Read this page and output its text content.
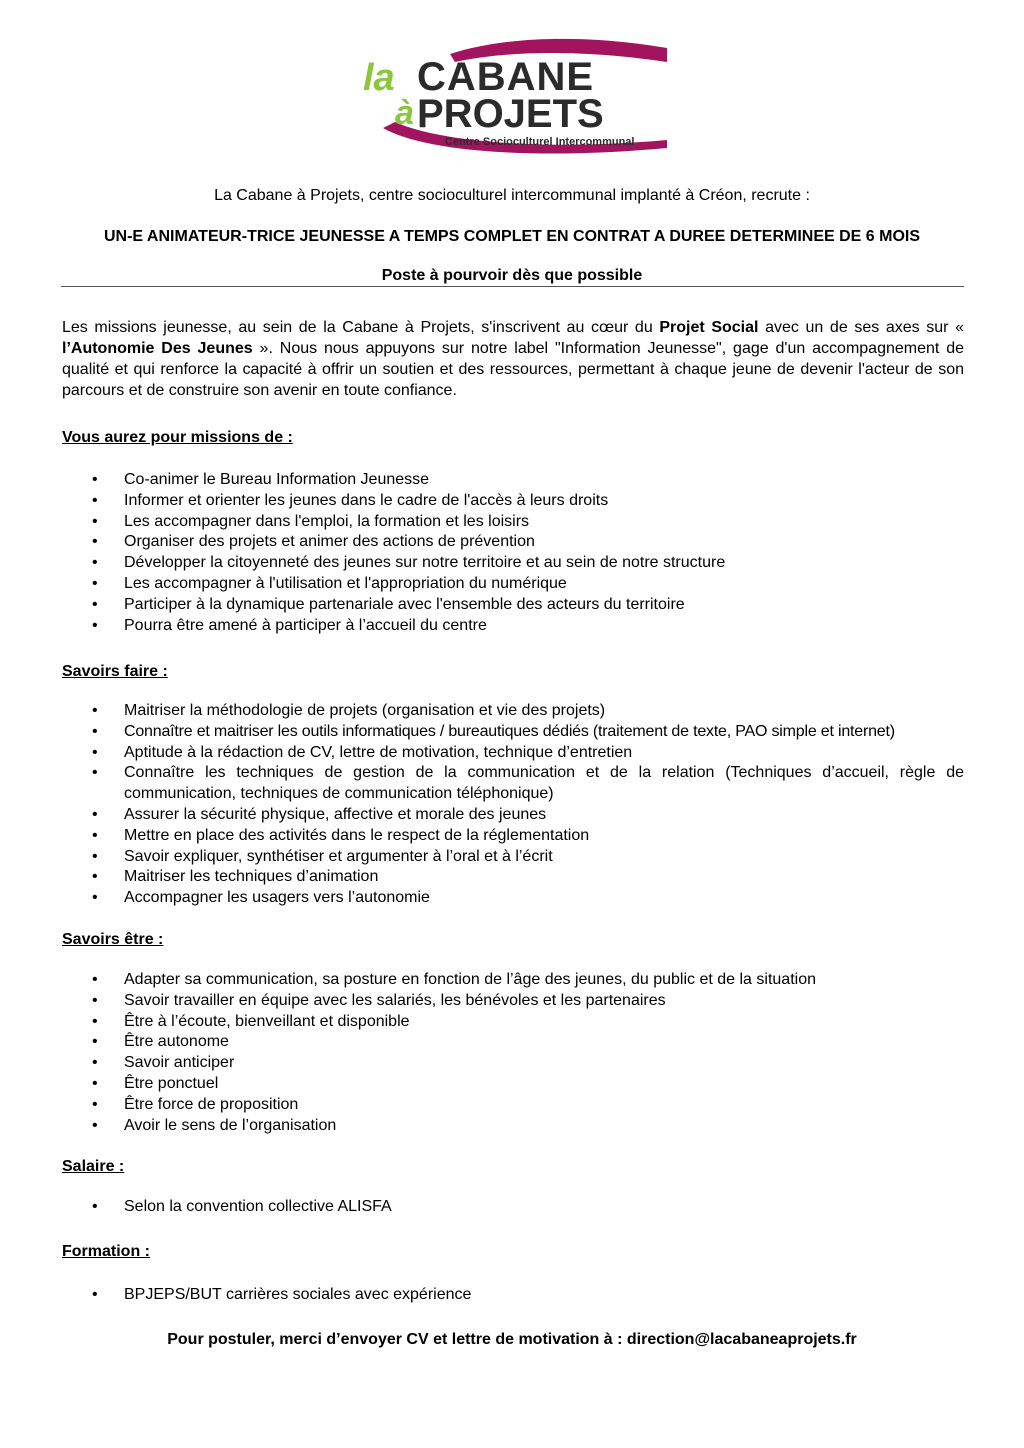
la CABANE
à PROJETS
Centre Socioculturel Intercommunal
La Cabane à Projets, centre socioculturel intercommunal implanté à Créon, recrute :
UN-E ANIMATEUR-TRICE JEUNESSE A TEMPS COMPLET EN CONTRAT A DUREE DETERMINEE DE 6 MOIS
Poste à pourvoir dès que possible
Les missions jeunesse, au sein de la Cabane à Projets, s'inscrivent au cœur du Projet Social avec un de ses axes sur « l’Autonomie Des Jeunes ». Nous nous appuyons sur notre label "Information Jeunesse", gage d'un accompagnement de qualité et qui renforce la capacité à offrir un soutien et des ressources, permettant à chaque jeune de devenir l'acteur de son parcours et de construire son avenir en toute confiance.
Vous aurez pour missions de :
• Co-animer le Bureau Information Jeunesse
• Informer et orienter les jeunes dans le cadre de l'accès à leurs droits
• Les accompagner dans l'emploi, la formation et les loisirs
• Organiser des projets et animer des actions de prévention
• Développer la citoyenneté des jeunes sur notre territoire et au sein de notre structure
• Les accompagner à l'utilisation et l'appropriation du numérique
• Participer à la dynamique partenariale avec l'ensemble des acteurs du territoire
• Pourra être amené à participer à l’accueil du centre
Savoirs faire :
• Maitriser la méthodologie de projets (organisation et vie des projets)
• Connaître et maitriser les outils informatiques / bureautiques dédiés (traitement de texte, PAO simple et internet)
• Aptitude à la rédaction de CV, lettre de motivation, technique d’entretien
• Connaître les techniques de gestion de la communication et de la relation (Techniques d’accueil, règle de communication, techniques de communication téléphonique)
• Assurer la sécurité physique, affective et morale des jeunes
• Mettre en place des activités dans le respect de la réglementation
• Savoir expliquer, synthétiser et argumenter à l’oral et à l’écrit
• Maitriser les techniques d’animation
• Accompagner les usagers vers l’autonomie
Savoirs être :
• Adapter sa communication, sa posture en fonction de l’âge des jeunes, du public et de la situation
• Savoir travailler en équipe avec les salariés, les bénévoles et les partenaires
• Être à l’écoute, bienveillant et disponible
• Être autonome
• Savoir anticiper
• Être ponctuel
• Être force de proposition
• Avoir le sens de l’organisation
Salaire :
• Selon la convention collective ALISFA
Formation :
• BPJEPS/BUT carrières sociales avec expérience
Pour postuler, merci d’envoyer CV et lettre de motivation à : direction@lacabaneaprojets.fr
